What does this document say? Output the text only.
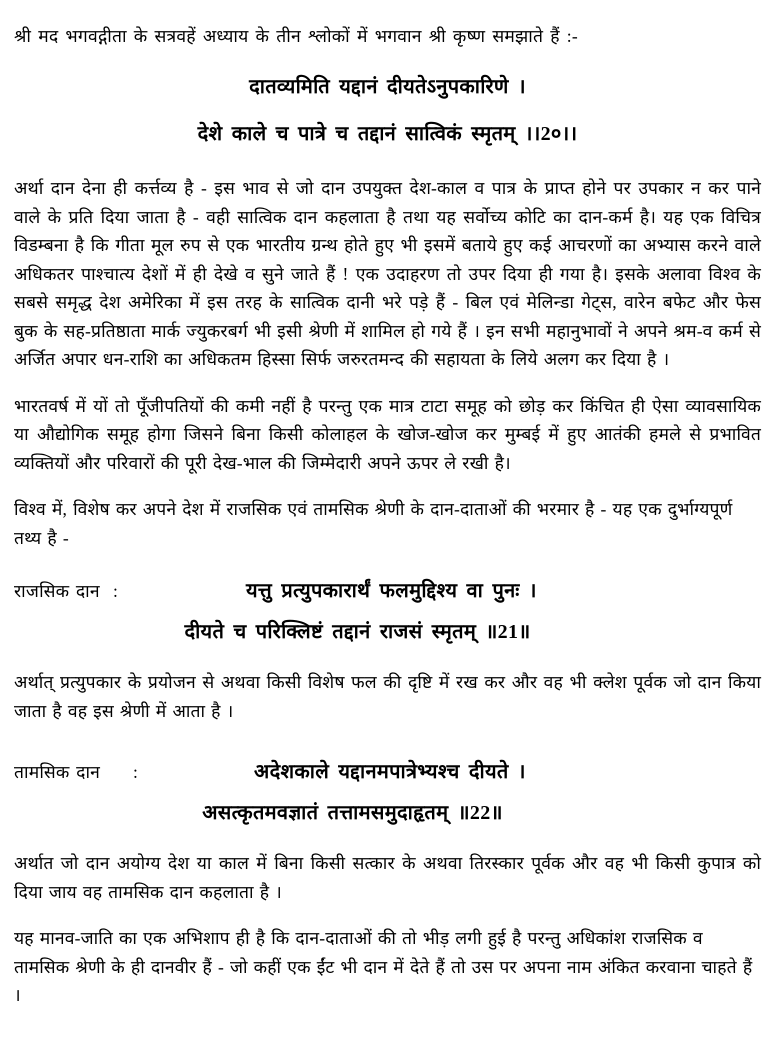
श्री मद भगवद्गीता के सत्रवहें अध्याय के तीन श्लोकों में भगवान श्री कृष्ण समझाते हैं :-

दातव्यमिति यद्दानं दीयतेऽनुपकारिणे ।

देशे काले च पात्रे च तद्दानं सात्विकं स्मृतम् ।।2०।।

अर्था दान देना ही कर्त्तव्य है - इस भाव से जो दान उपयुक्त देश-काल व पात्र के प्राप्त होने पर उपकार न कर पाने वाले के प्रति दिया जाता है - वही सात्विक दान कहलाता है तथा यह सर्वोच्य कोटि का दान-कर्म है। यह एक विचित्र विडम्बना है कि गीता मूल रुप से एक भारतीय ग्रन्थ होते हुए भी इसमें बताये हुए कई आचरणों का अभ्यास करने वाले अधिकतर पाश्चात्य देशों में ही देखे व सुने जाते हैं ! एक उदाहरण तो उपर दिया ही गया है। इसके अलावा विश्व के सबसे समृद्ध देश अमेरिका में इस तरह के सात्विक दानी भरे पड़े हैं - बिल एवं मेलिन्डा गेट्स, वारेन बफेट और फेस बुक के सह-प्रतिष्ठाता मार्क ज्युकरबर्ग भी इसी श्रेणी में शामिल हो गये हैं । इन सभी महानुभावों ने अपने श्रम-व कर्म से अर्जित अपार धन-राशि का अधिकतम हिस्सा सिर्फ जरुरतमन्द की सहायता के लिये अलग कर दिया है ।

भारतवर्ष में यों तो पूँजीपतियों की कमी नहीं है परन्तु एक मात्र टाटा समूह को छोड़ कर किंचित ही ऐसा व्यावसायिक या औद्योगिक समूह होगा जिसने बिना किसी कोलाहल के खोज-खोज कर मुम्बई में हुए आतंकी हमले से प्रभावित व्यक्तियों और परिवारों की पूरी देख-भाल की जिम्मेदारी अपने ऊपर ले रखी है।

विश्व में, विशेष कर अपने देश में राजसिक एवं तामसिक श्रेणी के दान-दाताओं की भरमार है - यह एक दुर्भाग्यपूर्ण तथ्य है -

राजसिक दान  :	यत्तु प्रत्युपकारार्थं फलमुद्दिश्य वा पुनः ।

दीयते च परिक्लिष्टं तद्दानं राजसं स्मृतम् ॥21॥

अर्थात् प्रत्युपकार के प्रयोजन से अथवा किसी विशेष फल की दृष्टि में रख कर और वह भी क्लेश पूर्वक जो दान किया जाता है वह इस श्रेणी में आता है ।

तामसिक दान     :	अदेशकाले यद्दानमपात्रेभ्यश्च दीयते ।

असत्कृतमवज्ञातं तत्तामसमुदाहृतम् ॥22॥

अर्थात जो दान अयोग्य देश या काल में बिना किसी सत्कार के अथवा तिरस्कार पूर्वक और वह भी किसी कुपात्र को दिया जाय वह तामसिक दान कहलाता है ।

यह मानव-जाति का एक अभिशाप ही है कि दान-दाताओं की तो भीड़ लगी हुई है परन्तु अधिकांश राजसिक व तामसिक श्रेणी के ही दानवीर हैं - जो कहीं एक ईंट भी दान में देते हैं तो उस पर अपना नाम अंकित करवाना चाहते हैं ।
